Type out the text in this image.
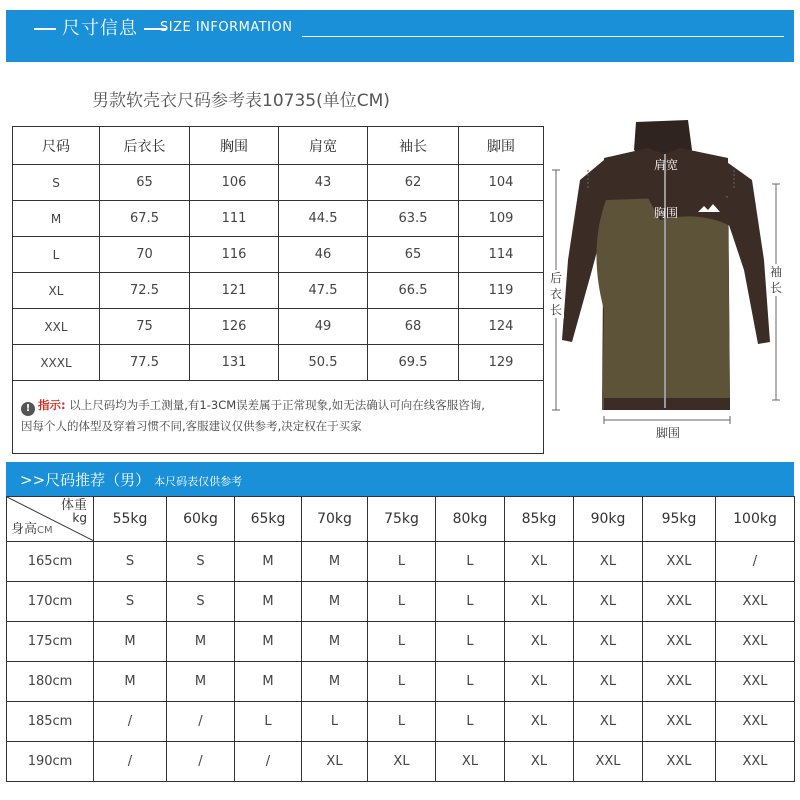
尺寸信息	SIZE INFORMATION
男款软壳衣尺码参考表10735(单位CM)
尺码	后衣长	胸围	肩宽	袖长	脚围
S	65	106	43	62	104
M	67.5	111	44.5	63.5	109
L	70	116	46	65	114
XL	72.5	121	47.5	66.5	119
XXL	75	126	49	68	124
XXXL	77.5	131	50.5	69.5	129
! 指示: 以上尺码均为手工测量,有1-3CM误差属于正常现象,如无法确认可向在线客服咨询,
因每个人的体型及穿着习惯不同,客服建议仅供参考,决定权在于买家					
肩宽
胸围
后
衣
长
袖
长
脚围
>>尺码推荐（男） 本尺码表仅供参考
体重
kg
身高CM	55kg	60kg	65kg	70kg	75kg	80kg	85kg	90kg	95kg	100kg
165cm	S	S	M	M	L	L	XL	XL	XXL	/
170cm	S	S	M	M	L	L	XL	XL	XXL	XXL
175cm	M	M	M	M	L	L	XL	XL	XXL	XXL
180cm	M	M	M	M	L	L	XL	XL	XXL	XXL
185cm	/	/	L	L	L	L	XL	XL	XXL	XXL
190cm	/	/	/	XL	XL	XL	XL	XXL	XXL	XXL
